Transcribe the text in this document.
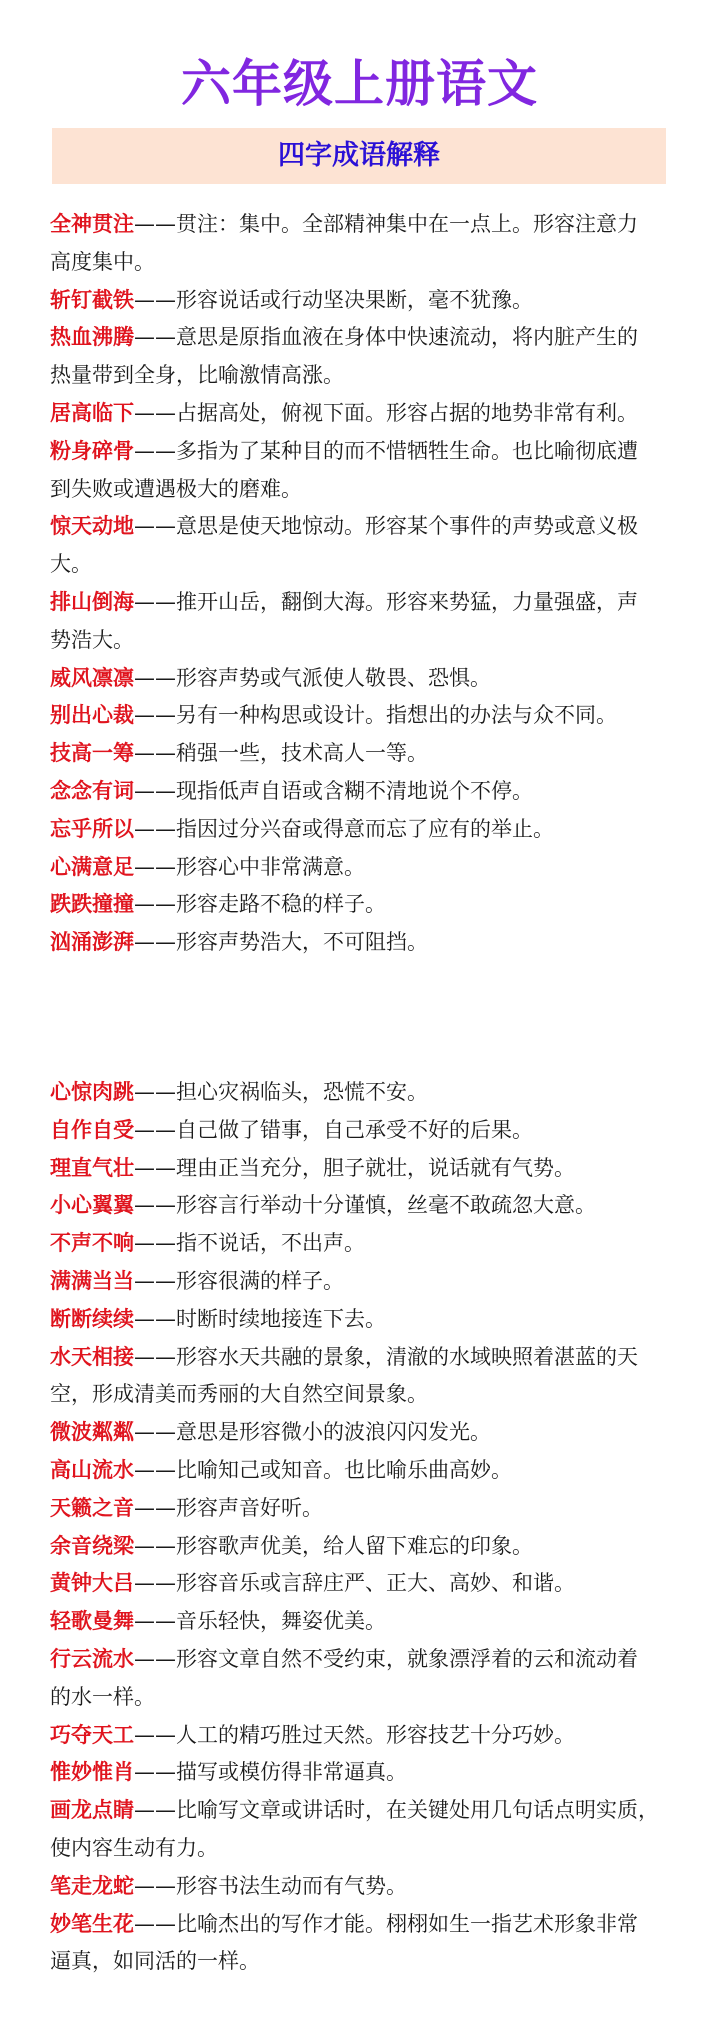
六年级上册语文
四字成语解释
全神贯注——贯注：集中。全部精神集中在一点上。形容注意力
高度集中。
斩钉截铁——形容说话或行动坚决果断，毫不犹豫。
热血沸腾——意思是原指血液在身体中快速流动，将内脏产生的
热量带到全身，比喻激情高涨。
居高临下——占据高处，俯视下面。形容占据的地势非常有利。
粉身碎骨——多指为了某种目的而不惜牺牲生命。也比喻彻底遭
到失败或遭遇极大的磨难。
惊天动地——意思是使天地惊动。形容某个事件的声势或意义极
大。
排山倒海——推开山岳，翻倒大海。形容来势猛，力量强盛，声
势浩大。
威风凛凛——形容声势或气派使人敬畏、恐惧。
别出心裁——另有一种构思或设计。指想出的办法与众不同。
技高一筹——稍强一些，技术高人一等。
念念有词——现指低声自语或含糊不清地说个不停。
忘乎所以——指因过分兴奋或得意而忘了应有的举止。
心满意足——形容心中非常满意。
跌跌撞撞——形容走路不稳的样子。
汹涌澎湃——形容声势浩大，不可阻挡。
心惊肉跳——担心灾祸临头，恐慌不安。
自作自受——自己做了错事，自己承受不好的后果。
理直气壮——理由正当充分，胆子就壮，说话就有气势。
小心翼翼——形容言行举动十分谨慎，丝毫不敢疏忽大意。
不声不响——指不说话，不出声。
满满当当——形容很满的样子。
断断续续——时断时续地接连下去。
水天相接——形容水天共融的景象，清澈的水域映照着湛蓝的天
空，形成清美而秀丽的大自然空间景象。
微波粼粼——意思是形容微小的波浪闪闪发光。
高山流水——比喻知己或知音。也比喻乐曲高妙。
天籁之音——形容声音好听。
余音绕梁——形容歌声优美，给人留下难忘的印象。
黄钟大吕——形容音乐或言辞庄严、正大、高妙、和谐。
轻歌曼舞——音乐轻快，舞姿优美。
行云流水——形容文章自然不受约束，就象漂浮着的云和流动着
的水一样。
巧夺天工——人工的精巧胜过天然。形容技艺十分巧妙。
惟妙惟肖——描写或模仿得非常逼真。
画龙点睛——比喻写文章或讲话时，在关键处用几句话点明实质，
使内容生动有力。
笔走龙蛇——形容书法生动而有气势。
妙笔生花——比喻杰出的写作才能。栩栩如生一指艺术形象非常
逼真，如同活的一样。
